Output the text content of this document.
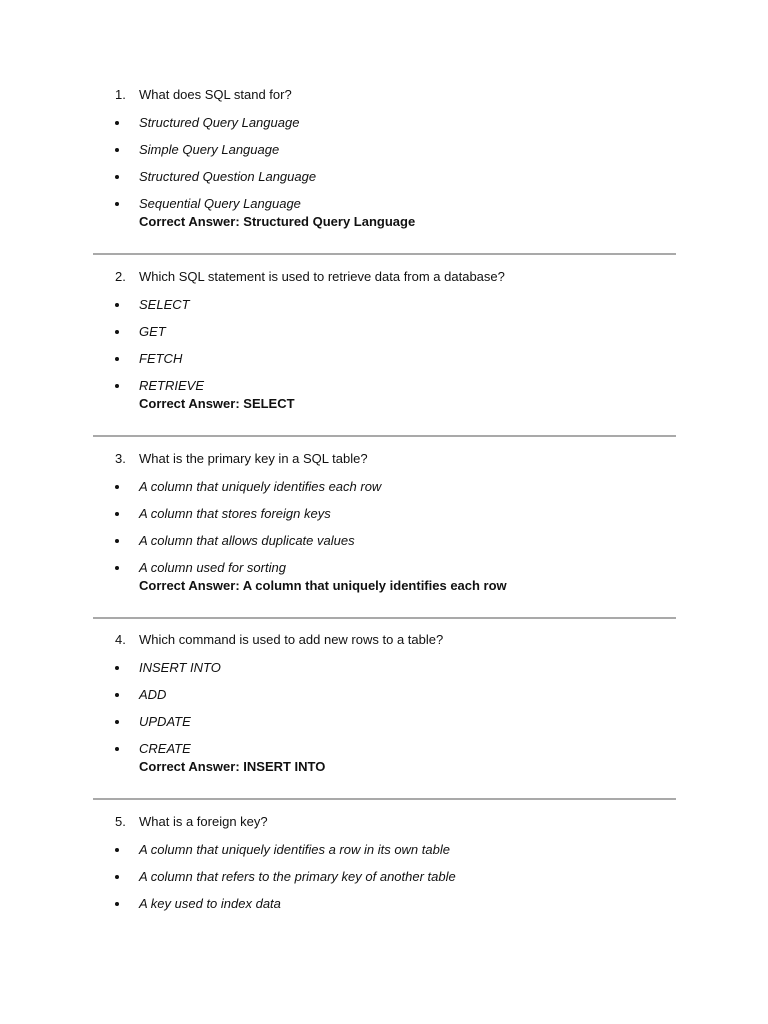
1. What does SQL stand for?
Structured Query Language
Simple Query Language
Structured Question Language
Sequential Query Language
Correct Answer: Structured Query Language
2. Which SQL statement is used to retrieve data from a database?
SELECT
GET
FETCH
RETRIEVE
Correct Answer: SELECT
3. What is the primary key in a SQL table?
A column that uniquely identifies each row
A column that stores foreign keys
A column that allows duplicate values
A column used for sorting
Correct Answer: A column that uniquely identifies each row
4. Which command is used to add new rows to a table?
INSERT INTO
ADD
UPDATE
CREATE
Correct Answer: INSERT INTO
5. What is a foreign key?
A column that uniquely identifies a row in its own table
A column that refers to the primary key of another table
A key used to index data
